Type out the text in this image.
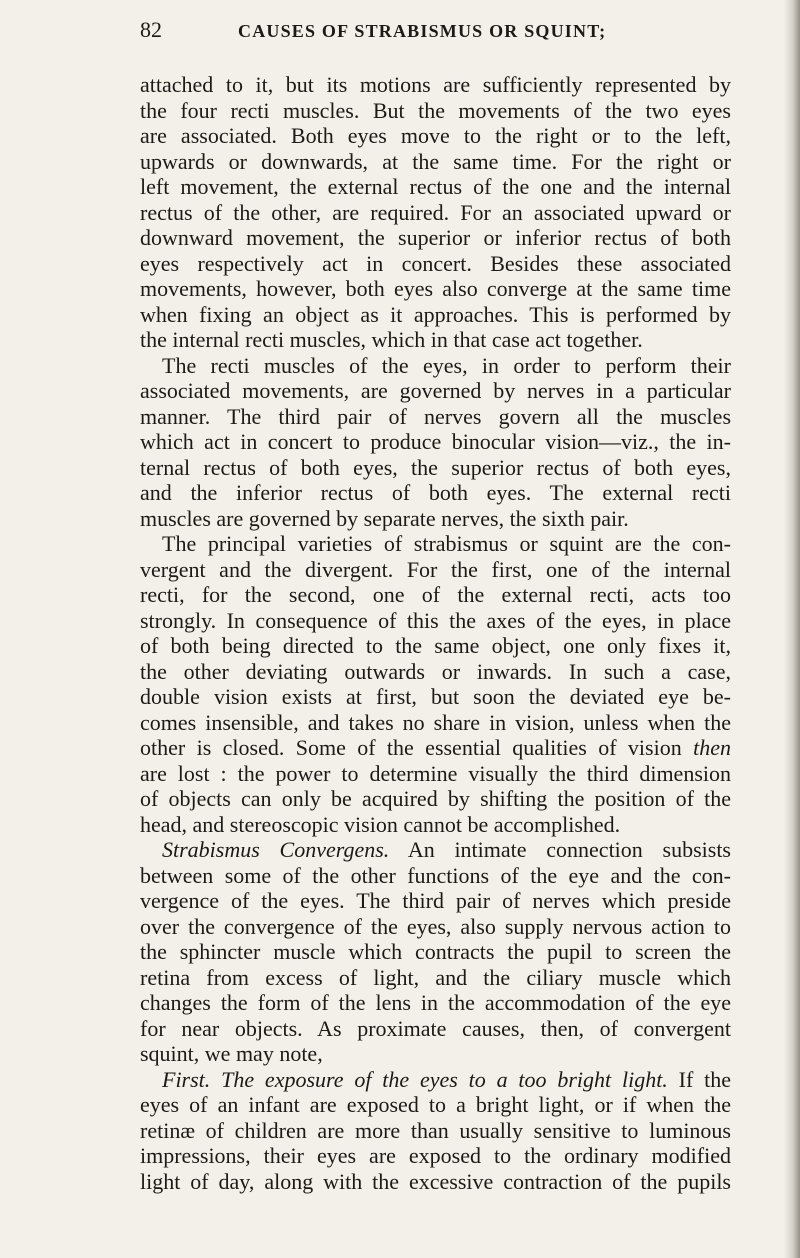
82	CAUSES OF STRABISMUS OR SQUINT;
attached to it, but its motions are sufficiently represented by
the four recti muscles. But the movements of the two eyes
are associated. Both eyes move to the right or to the left,
upwards or downwards, at the same time. For the right or
left movement, the external rectus of the one and the internal
rectus of the other, are required. For an associated upward or
downward movement, the superior or inferior rectus of both
eyes respectively act in concert. Besides these associated
movements, however, both eyes also converge at the same time
when fixing an object as it approaches. This is performed by
the internal recti muscles, which in that case act together.
The recti muscles of the eyes, in order to perform their
associated movements, are governed by nerves in a particular
manner. The third pair of nerves govern all the muscles
which act in concert to produce binocular vision—viz., the in-
ternal rectus of both eyes, the superior rectus of both eyes,
and the inferior rectus of both eyes. The external recti
muscles are governed by separate nerves, the sixth pair.
The principal varieties of strabismus or squint are the con-
vergent and the divergent. For the first, one of the internal
recti, for the second, one of the external recti, acts too
strongly. In consequence of this the axes of the eyes, in place
of both being directed to the same object, one only fixes it,
the other deviating outwards or inwards. In such a case,
double vision exists at first, but soon the deviated eye be-
comes insensible, and takes no share in vision, unless when the
other is closed. Some of the essential qualities of vision then
are lost : the power to determine visually the third dimension
of objects can only be acquired by shifting the position of the
head, and stereoscopic vision cannot be accomplished.
Strabismus Convergens. An intimate connection subsists
between some of the other functions of the eye and the con-
vergence of the eyes. The third pair of nerves which preside
over the convergence of the eyes, also supply nervous action to
the sphincter muscle which contracts the pupil to screen the
retina from excess of light, and the ciliary muscle which
changes the form of the lens in the accommodation of the eye
for near objects. As proximate causes, then, of convergent
squint, we may note,
First. The exposure of the eyes to a too bright light. If the
eyes of an infant are exposed to a bright light, or if when the
retinæ of children are more than usually sensitive to luminous
impressions, their eyes are exposed to the ordinary modified
light of day, along with the excessive contraction of the pupils
